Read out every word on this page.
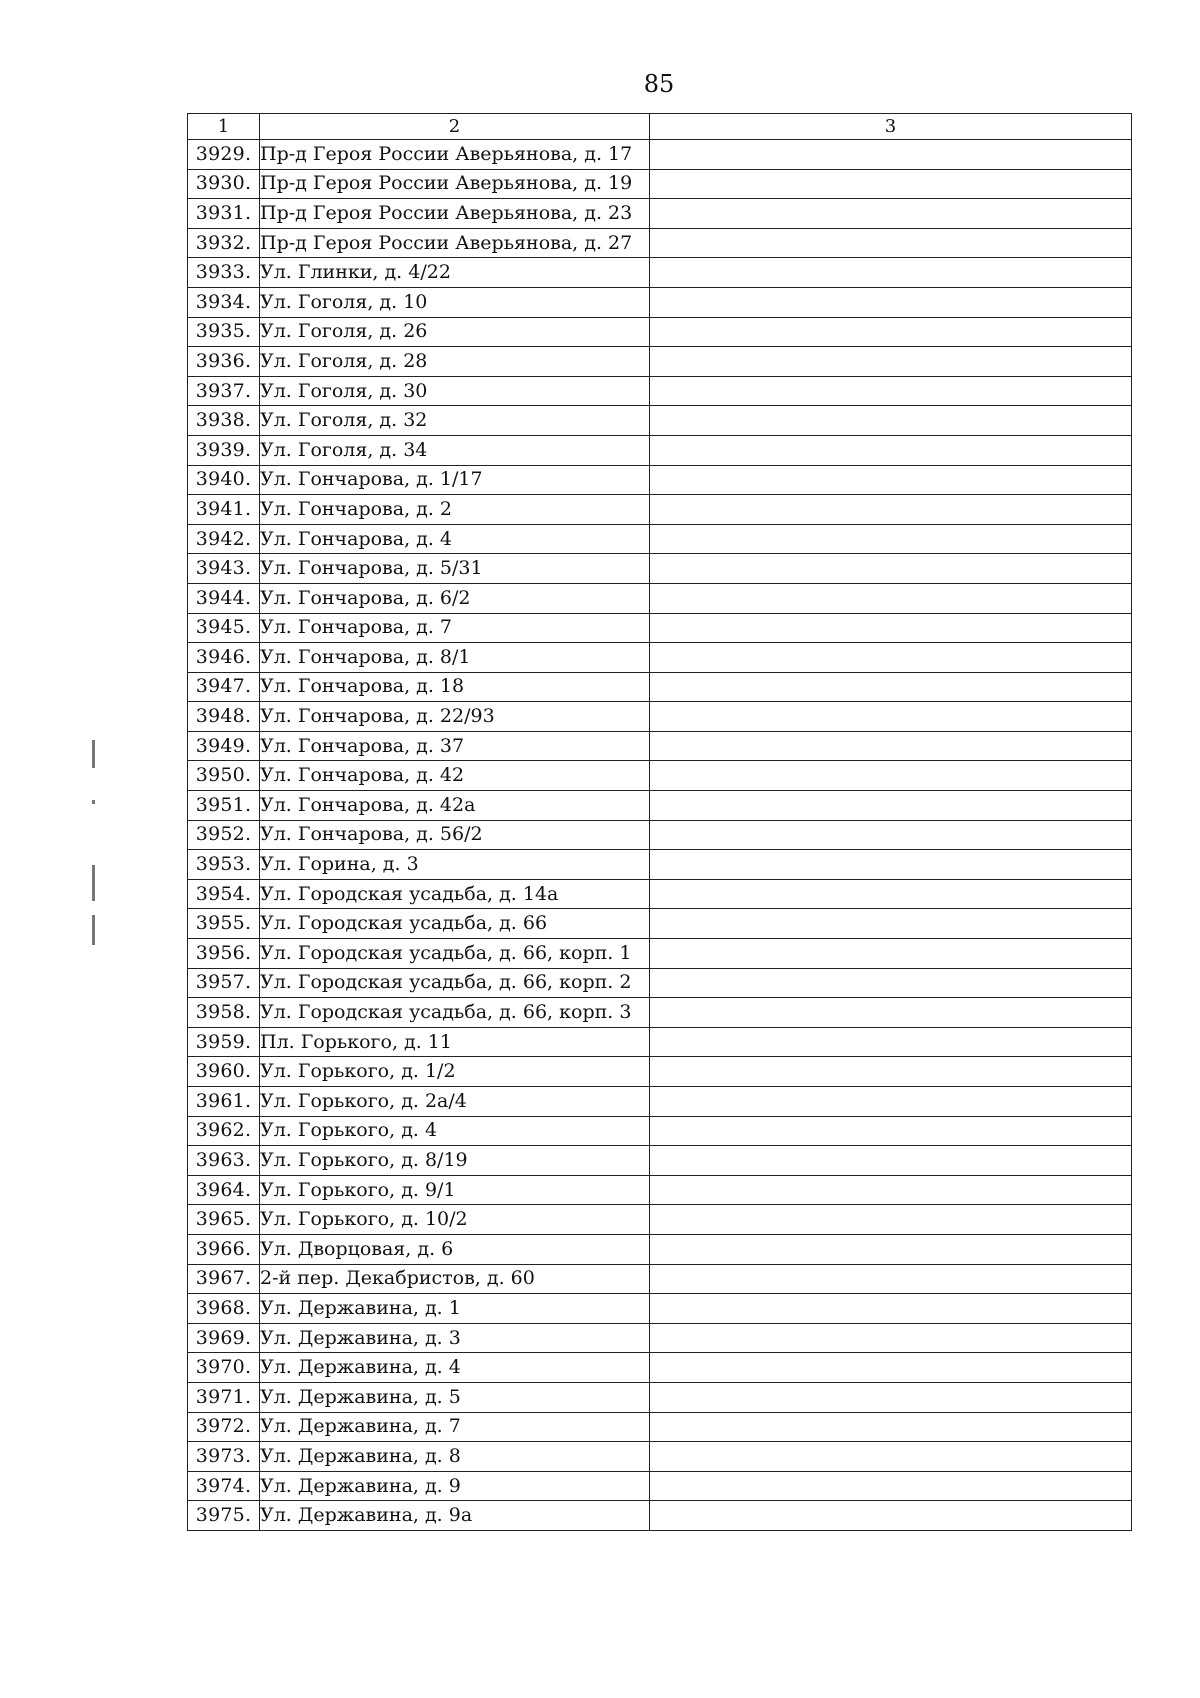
85
1	2	3
3929.	Пр-д Героя России Аверьянова, д. 17	
3930.	Пр-д Героя России Аверьянова, д. 19	
3931.	Пр-д Героя России Аверьянова, д. 23	
3932.	Пр-д Героя России Аверьянова, д. 27	
3933.	Ул. Глинки, д. 4/22	
3934.	Ул. Гоголя, д. 10	
3935.	Ул. Гоголя, д. 26	
3936.	Ул. Гоголя, д. 28	
3937.	Ул. Гоголя, д. 30	
3938.	Ул. Гоголя, д. 32	
3939.	Ул. Гоголя, д. 34	
3940.	Ул. Гончарова, д. 1/17	
3941.	Ул. Гончарова, д. 2	
3942.	Ул. Гончарова, д. 4	
3943.	Ул. Гончарова, д. 5/31	
3944.	Ул. Гончарова, д. 6/2	
3945.	Ул. Гончарова, д. 7	
3946.	Ул. Гончарова, д. 8/1	
3947.	Ул. Гончарова, д. 18	
3948.	Ул. Гончарова, д. 22/93	
3949.	Ул. Гончарова, д. 37	
3950.	Ул. Гончарова, д. 42	
3951.	Ул. Гончарова, д. 42а	
3952.	Ул. Гончарова, д. 56/2	
3953.	Ул. Горина, д. 3	
3954.	Ул. Городская усадьба, д. 14а	
3955.	Ул. Городская усадьба, д. 66	
3956.	Ул. Городская усадьба, д. 66, корп. 1	
3957.	Ул. Городская усадьба, д. 66, корп. 2	
3958.	Ул. Городская усадьба, д. 66, корп. 3	
3959.	Пл. Горького, д. 11	
3960.	Ул. Горького, д. 1/2	
3961.	Ул. Горького, д. 2а/4	
3962.	Ул. Горького, д. 4	
3963.	Ул. Горького, д. 8/19	
3964.	Ул. Горького, д. 9/1	
3965.	Ул. Горького, д. 10/2	
3966.	Ул. Дворцовая, д. 6	
3967.	2-й пер. Декабристов, д. 60	
3968.	Ул. Державина, д. 1	
3969.	Ул. Державина, д. 3	
3970.	Ул. Державина, д. 4	
3971.	Ул. Державина, д. 5	
3972.	Ул. Державина, д. 7	
3973.	Ул. Державина, д. 8	
3974.	Ул. Державина, д. 9	
3975.	Ул. Державина, д. 9а	
